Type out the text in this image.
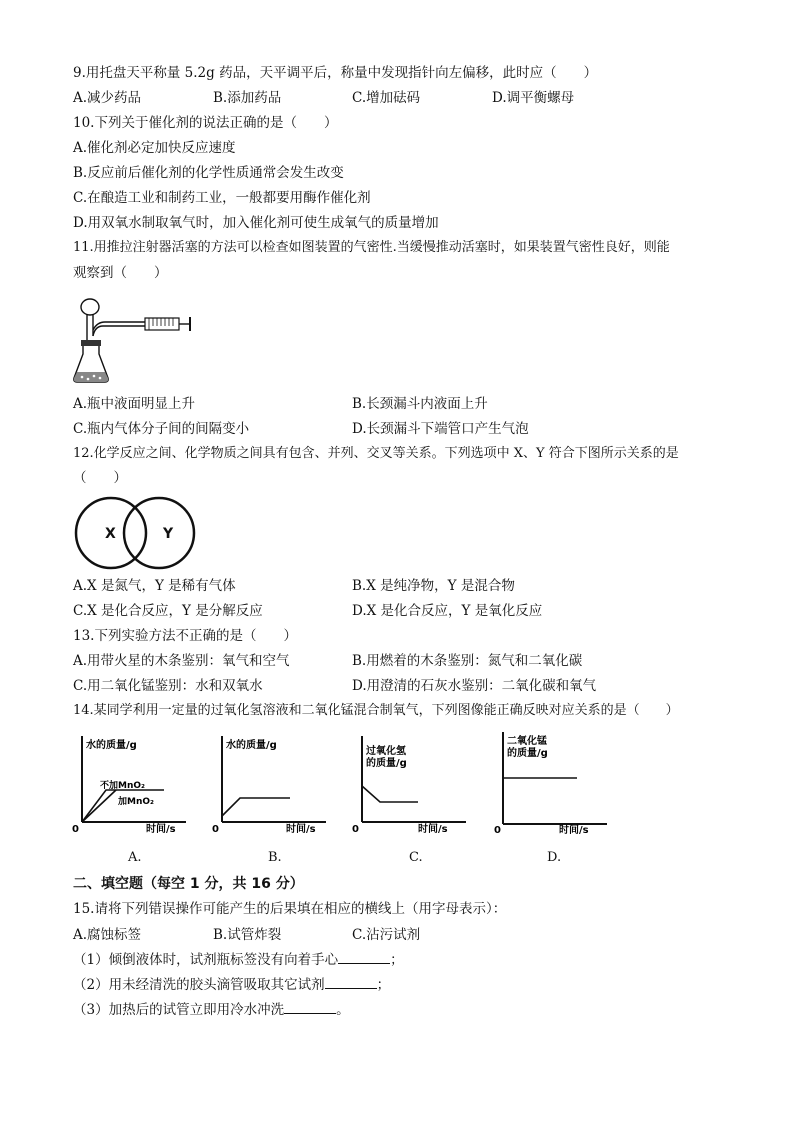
9.用托盘天平称量 5.2g 药品，天平调平后，称量中发现指针向左偏移，此时应（　　）
A.减少药品	B.添加药品	C.增加砝码	D.调平衡螺母
10.下列关于催化剂的说法正确的是（　　）
A.催化剂必定加快反应速度
B.反应前后催化剂的化学性质通常会发生改变
C.在酿造工业和制药工业，一般都要用酶作催化剂
D.用双氧水制取氧气时，加入催化剂可使生成氧气的质量增加
11.用推拉注射器活塞的方法可以检查如图装置的气密性.当缓慢推动活塞时，如果装置气密性良好，则能
观察到（　　）
A.瓶中液面明显上升	B.长颈漏斗内液面上升
C.瓶内气体分子间的间隔变小	D.长颈漏斗下端管口产生气泡
12.化学反应之间、化学物质之间具有包含、并列、交叉等关系。下列选项中 X、Y 符合下图所示关系的是
（　　）
X	Y
A.X 是氮气，Y 是稀有气体	B.X 是纯净物，Y 是混合物
C.X 是化合反应，Y 是分解反应	D.X 是化合反应，Y 是氧化反应
13.下列实验方法不正确的是（　　）
A.用带火星的木条鉴别：氧气和空气	B.用燃着的木条鉴别：氮气和二氧化碳
C.用二氧化锰鉴别：水和双氧水	D.用澄清的石灰水鉴别：二氧化碳和氧气
14.某同学利用一定量的过氧化氢溶液和二氧化锰混合制氧气，下列图像能正确反映对应关系的是（　　）
水的质量/g
0	时间/s
不加MnO₂
加MnO₂
A.
水的质量/g
0	时间/s
B.
过氧化氢
的质量/g
0	时间/s
C.
二氧化锰
的质量/g
0	时间/s
D.
二、填空题（每空 1 分，共 16 分）
15.请将下列错误操作可能产生的后果填在相应的横线上（用字母表示）：
A.腐蚀标签	B.试管炸裂	C.沾污试剂
（1）倾倒液体时，试剂瓶标签没有向着手心	；
（2）用未经清洗的胶头滴管吸取其它试剂	；
（3）加热后的试管立即用冷水冲洗	。
